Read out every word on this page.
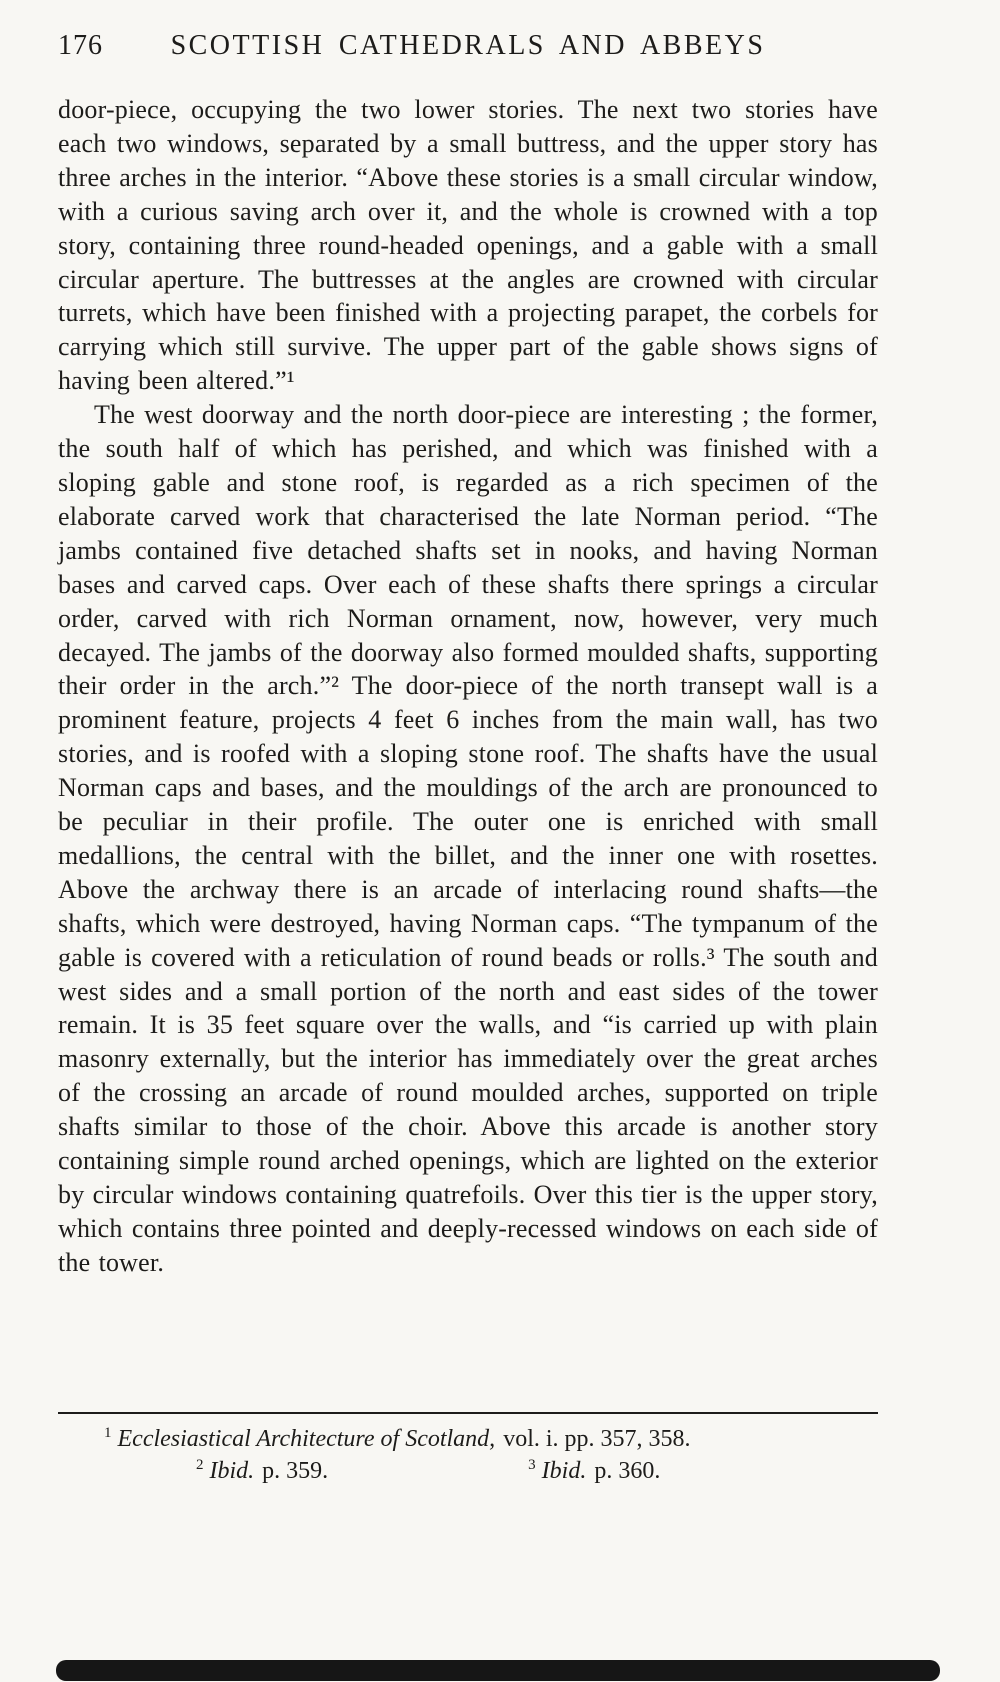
176	SCOTTISH CATHEDRALS AND ABBEYS

door-piece, occupying the two lower stories. The next two stories have each two windows, separated by a small buttress, and the upper story has three arches in the interior. “Above these stories is a small circular window, with a curious saving arch over it, and the whole is crowned with a top story, containing three round-headed openings, and a gable with a small circular aperture. The buttresses at the angles are crowned with circular turrets, which have been finished with a projecting parapet, the corbels for carrying which still survive. The upper part of the gable shows signs of having been altered.”¹

The west doorway and the north door-piece are interesting ; the former, the south half of which has perished, and which was finished with a sloping gable and stone roof, is regarded as a rich specimen of the elaborate carved work that characterised the late Norman period. “The jambs contained five detached shafts set in nooks, and having Norman bases and carved caps. Over each of these shafts there springs a circular order, carved with rich Norman ornament, now, however, very much decayed. The jambs of the doorway also formed moulded shafts, supporting their order in the arch.”² The door-piece of the north transept wall is a prominent feature, projects 4 feet 6 inches from the main wall, has two stories, and is roofed with a sloping stone roof. The shafts have the usual Norman caps and bases, and the mouldings of the arch are pronounced to be peculiar in their profile. The outer one is enriched with small medallions, the central with the billet, and the inner one with rosettes. Above the archway there is an arcade of interlacing round shafts—the shafts, which were destroyed, having Norman caps. “The tympanum of the gable is covered with a reticulation of round beads or rolls.³ The south and west sides and a small portion of the north and east sides of the tower remain. It is 35 feet square over the walls, and “is carried up with plain masonry externally, but the interior has immediately over the great arches of the crossing an arcade of round moulded arches, supported on triple shafts similar to those of the choir. Above this arcade is another story containing simple round arched openings, which are lighted on the exterior by circular windows containing quatrefoils. Over this tier is the upper story, which contains three pointed and deeply-recessed windows on each side of the tower.

$^1$ Ecclesiastical Architecture of Scotland, vol. i. pp. 357, 358.
$^2$ Ibid. p. 359.	$^3$ Ibid. p. 360.
